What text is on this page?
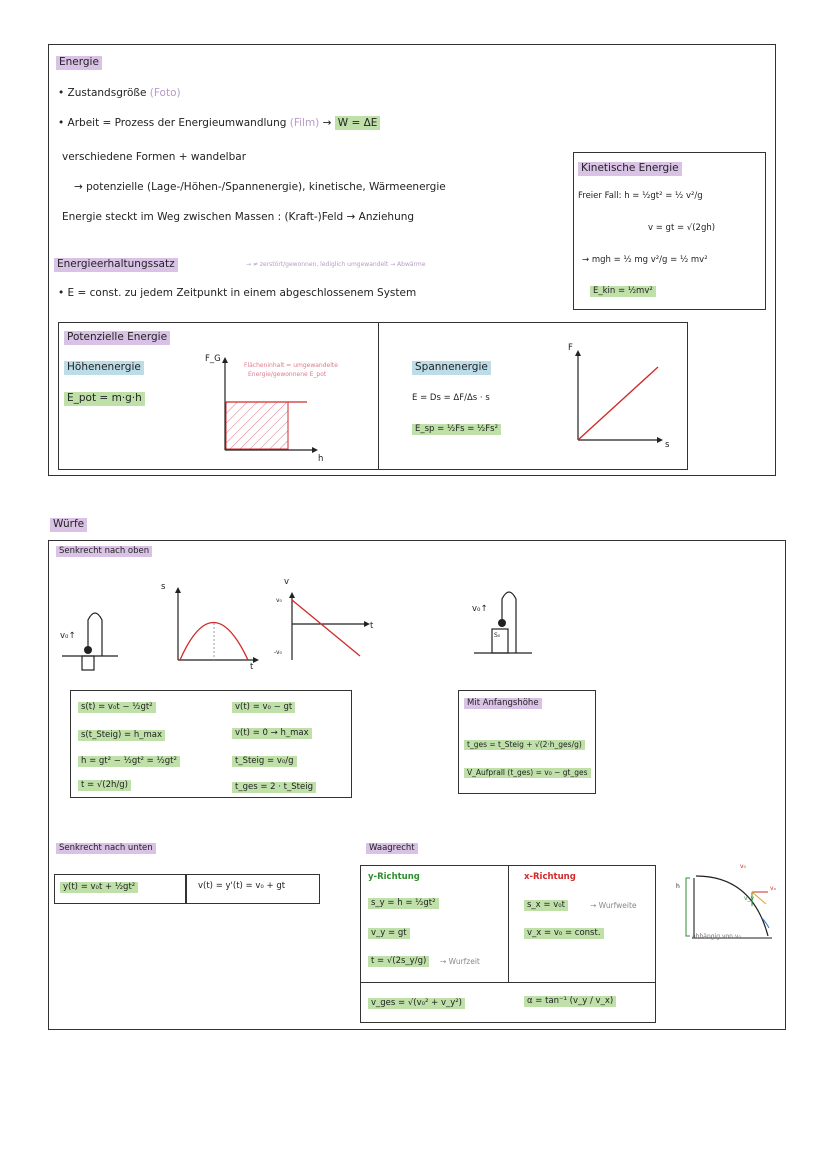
Energie
• Zustandsgröße (Foto)
• Arbeit = Prozess der Energieumwandlung (Film) → W = ΔE
verschiedene Formen + wandelbar
→ potenzielle (Lage-/Höhen-/Spannenergie), kinetische, Wärmeenergie
Energie steckt im Weg zwischen Massen : (Kraft-)Feld → Anziehung
Kinetische Energie
Freier Fall: h = ½gt² = ½ v²/g
v = gt = √(2gh)
→ mgh = ½ mg v²/g = ½ mv²
E_kin = ½mv²
Energieerhaltungssatz	→ ≠ zerstört/gewonnen, lediglich umgewandelt → Abwärme
• E = const. zu jedem Zeitpunkt in einem abgeschlossenem System
Potenzielle Energie
Höhenenergie
E_pot = m·g·h
F_G
h
Flächeninhalt = umgewandelte
Energie/gewonnene E_pot
Spannenergie
E = Ds = ΔF/Δs · s
E_sp = ½Fs = ½Fs²
F
s
Würfe
Senkrecht nach oben
v₀↑
s
t
v
v₀
-v₀
t
s(t) = v₀t − ½gt²
s(t_Steig) = h_max
h = gt² − ½gt² = ½gt²
t = √(2h/g)
v(t) = v₀ − gt
v(t) = 0 → h_max
t_Steig = v₀/g
t_ges = 2 · t_Steig
v₀↑
S₀
Mit Anfangshöhe
t_ges = t_Steig + √(2·h_ges/g)
V_Aufprall (t_ges) = v₀ − gt_ges
Senkrecht nach unten
y(t) = v₀t + ½gt²	v(t) = y'(t) = v₀ + gt
Waagrecht
y-Richtung
s_y = h = ½gt²
v_y = gt
t = √(2s_y/g)	→ Wurfzeit
x-Richtung
s_x = v₀t	→ Wurfweite
v_x = v₀ = const.
v_ges = √(v₀² + v_y²)	α = tan⁻¹ (v_y / v_x)
h
v₀
vₓ
v_y
abhängig von v₀
